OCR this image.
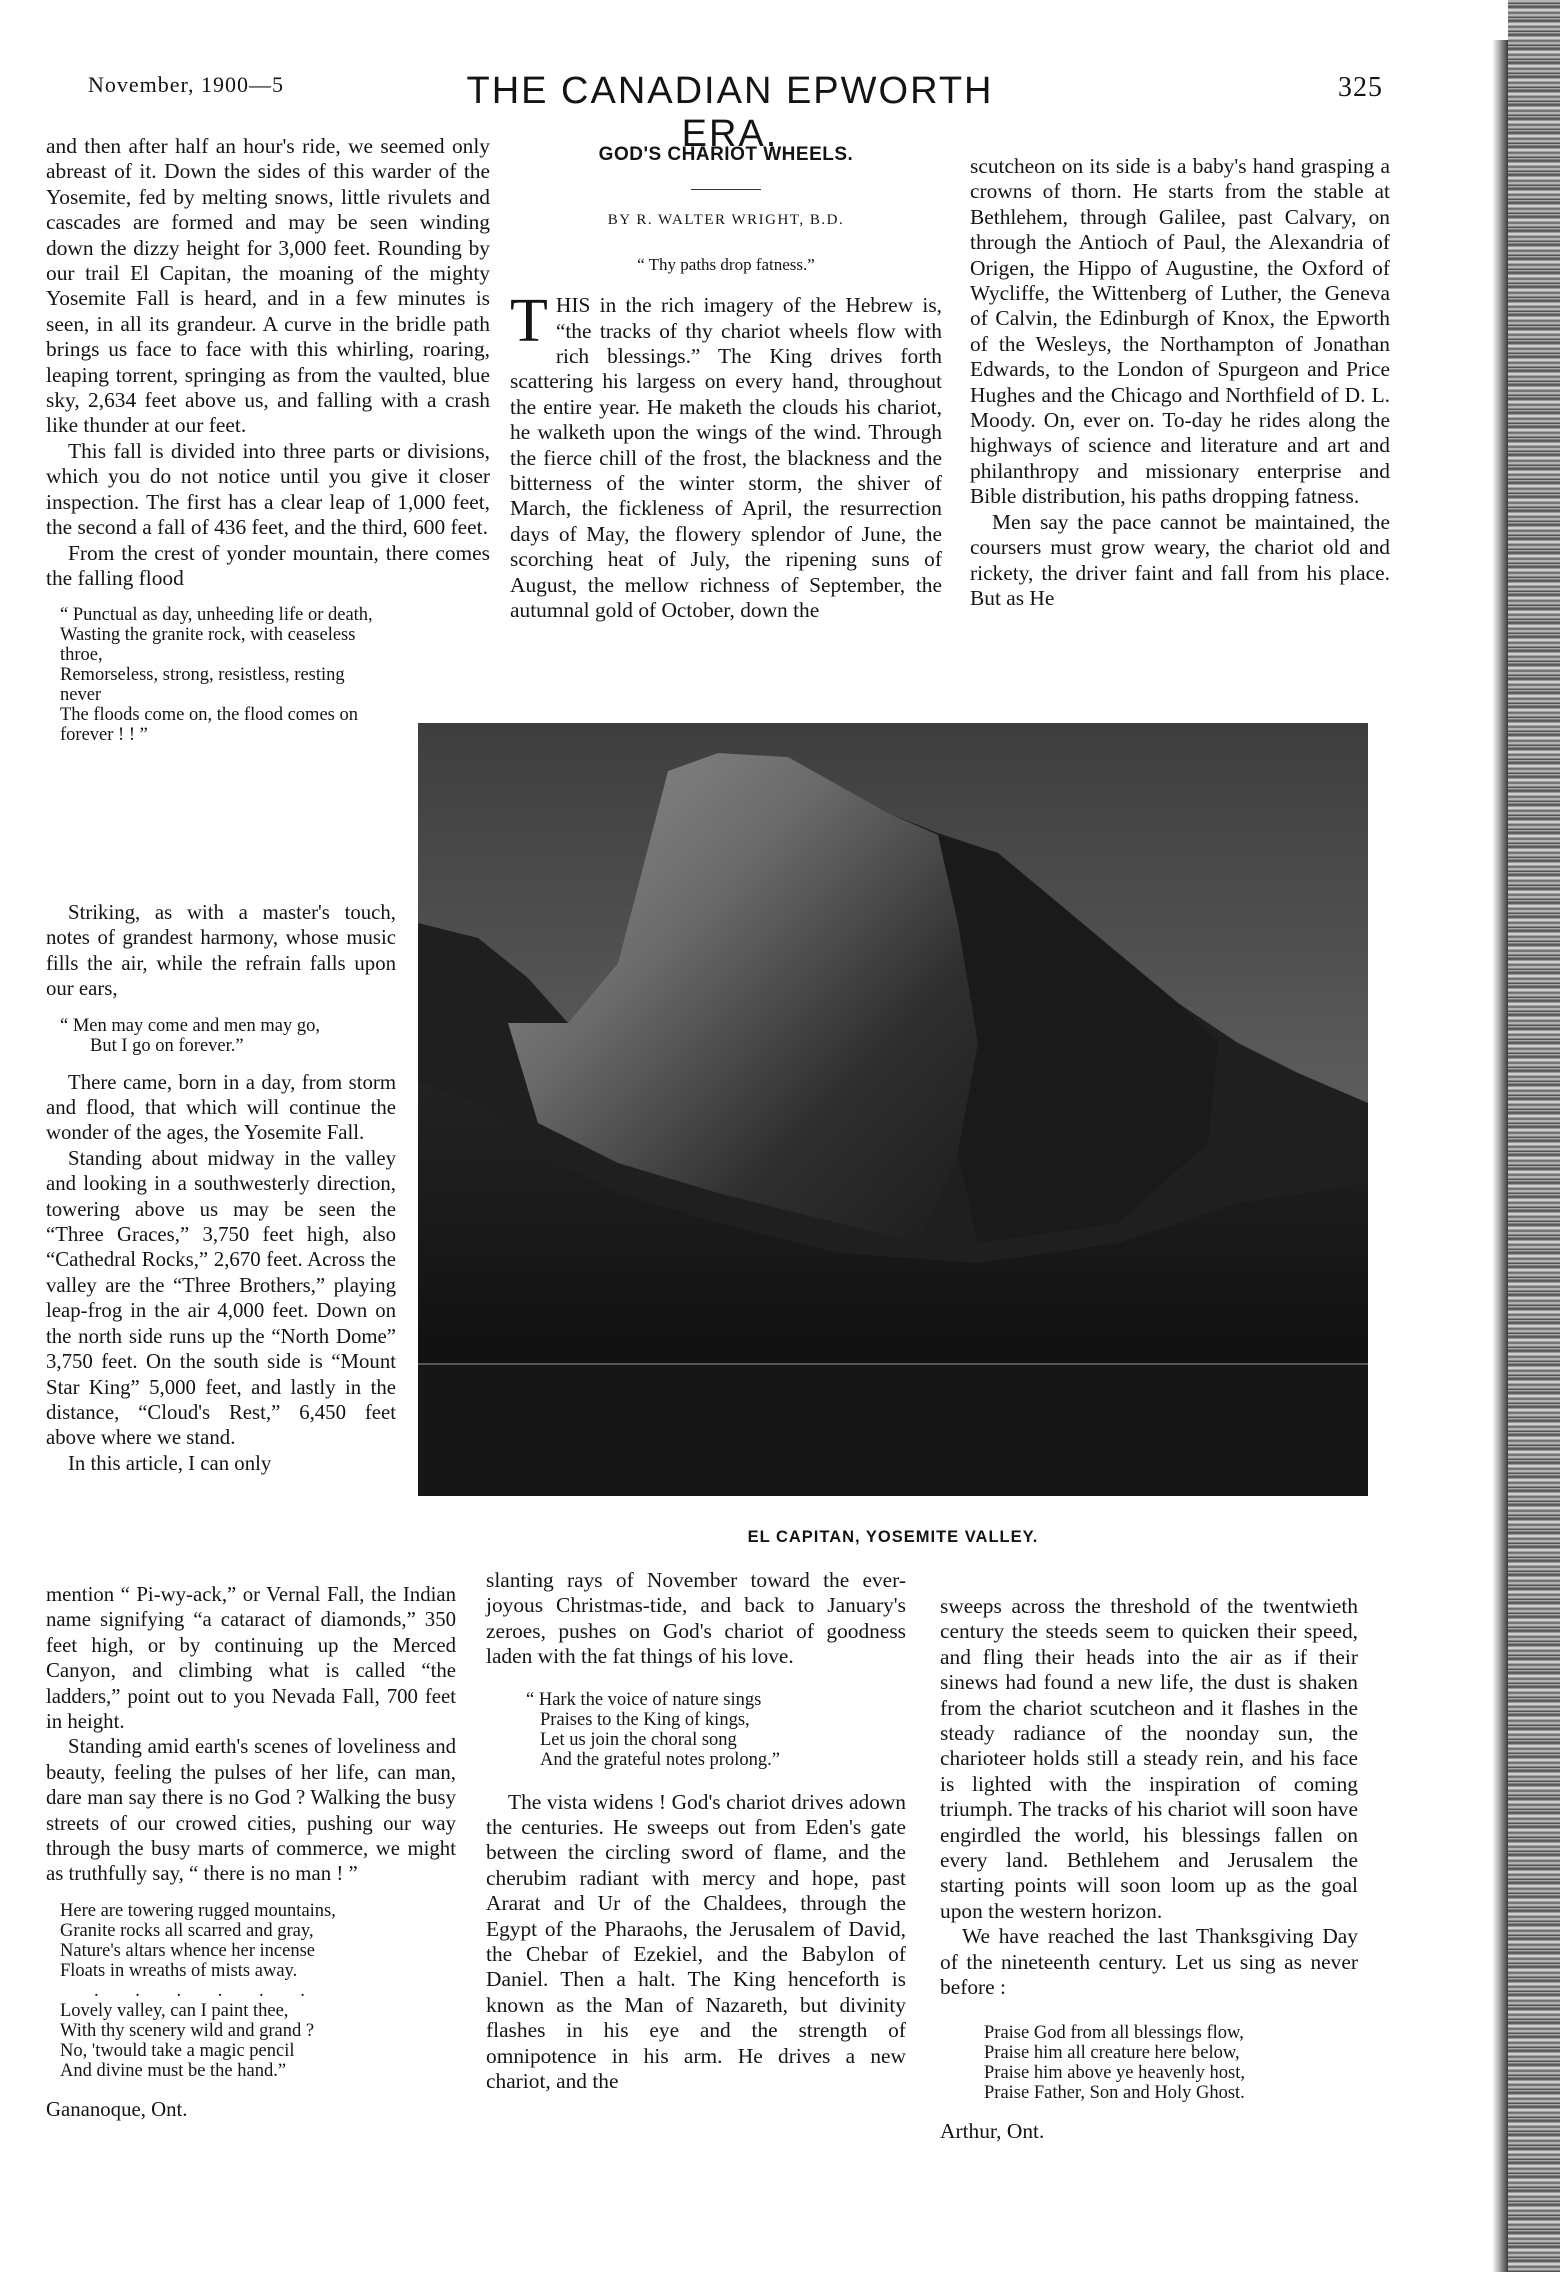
November, 1900—5	THE CANADIAN EPWORTH ERA.
325

and then after half an hour's ride, we seemed only abreast of it. Down the sides of this warder of the Yosemite, fed by melting snows, little rivulets and cascades are formed and may be seen winding down the dizzy height for 3,000 feet. Rounding by our trail El Capitan, the moaning of the mighty Yosemite Fall is heard, and in a few minutes is seen, in all its grandeur. A curve in the bridle path brings us face to face with this whirling, roaring, leaping torrent, springing as from the vaulted, blue sky, 2,634 feet above us, and falling with a crash like thunder at our feet.

This fall is divided into three parts or divisions, which you do not notice until you give it closer inspection. The first has a clear leap of 1,000 feet, the second a fall of 436 feet, and the third, 600 feet.

From the crest of yonder mountain, there comes the falling flood

“ Punctual as day, unheeding life or death,
Wasting the granite rock, with ceaseless throe,
Remorseless, strong, resistless, resting never
The floods come on, the flood comes on forever ! ! ”

Striking, as with a master's touch, notes of grandest harmony, whose music fills the air, while the refrain falls upon our ears,

“ Men may come and men may go,
But I go on forever.”

There came, born in a day, from storm and flood, that which will continue the wonder of the ages, the Yosemite Fall.

Standing about midway in the valley and looking in a southwesterly direction, towering above us may be seen the “Three Graces,” 3,750 feet high, also “Cathedral Rocks,” 2,670 feet. Across the valley are the “Three Brothers,” playing leap-frog in the air 4,000 feet. Down on the north side runs up the “North Dome” 3,750 feet. On the south side is “Mount Star King” 5,000 feet, and lastly in the distance, “Cloud's Rest,” 6,450 feet above where we stand.

In this article, I can only

mention “ Pi-wy-ack,” or Vernal Fall, the Indian name signifying “a cataract of diamonds,” 350 feet high, or by continuing up the Merced Canyon, and climbing what is called “the ladders,” point out to you Nevada Fall, 700 feet in height.

Standing amid earth's scenes of loveliness and beauty, feeling the pulses of her life, can man, dare man say there is no God ? Walking the busy streets of our crowed cities, pushing our way through the busy marts of commerce, we might as truthfully say, “ there is no man ! ”

Here are towering rugged mountains,
Granite rocks all scarred and gray,
Nature's altars whence her incense
Floats in wreaths of mists away.
. . . . . .
Lovely valley, can I paint thee,
With thy scenery wild and grand ?
No, 'twould take a magic pencil
And divine must be the hand.”

Gananoque, Ont.

GOD'S CHARIOT WHEELS.
BY R. WALTER WRIGHT, B.D.
“ Thy paths drop fatness.”

THIS in the rich imagery of the Hebrew is, “the tracks of thy chariot wheels flow with rich blessings.” The King drives forth scattering his largess on every hand, throughout the entire year. He maketh the clouds his chariot, he walketh upon the wings of the wind. Through the fierce chill of the frost, the blackness and the bitterness of the winter storm, the shiver of March, the fickleness of April, the resurrection days of May, the flowery splendor of June, the scorching heat of July, the ripening suns of August, the mellow richness of September, the autumnal gold of October, down the

scutcheon on its side is a baby's hand grasping a crowns of thorn. He starts from the stable at Bethlehem, through Galilee, past Calvary, on through the Antioch of Paul, the Alexandria of Origen, the Hippo of Augustine, the Oxford of Wycliffe, the Wittenberg of Luther, the Geneva of Calvin, the Edinburgh of Knox, the Epworth of the Wesleys, the Northampton of Jonathan Edwards, to the London of Spurgeon and Price Hughes and the Chicago and Northfield of D. L. Moody. On, ever on. To-day he rides along the highways of science and literature and art and philanthropy and missionary enterprise and Bible distribution, his paths dropping fatness.

Men say the pace cannot be maintained, the coursers must grow weary, the chariot old and rickety, the driver faint and fall from his place. But as He

EL CAPITAN, YOSEMITE VALLEY.

slanting rays of November toward the ever-joyous Christmas-tide, and back to January's zeroes, pushes on God's chariot of goodness laden with the fat things of his love.

“ Hark the voice of nature sings
Praises to the King of kings,
Let us join the choral song
And the grateful notes prolong.”

The vista widens ! God's chariot drives adown the centuries. He sweeps out from Eden's gate between the circling sword of flame, and the cherubim radiant with mercy and hope, past Ararat and Ur of the Chaldees, through the Egypt of the Pharaohs, the Jerusalem of David, the Chebar of Ezekiel, and the Babylon of Daniel. Then a halt. The King henceforth is known as the Man of Nazareth, but divinity flashes in his eye and the strength of omnipotence in his arm. He drives a new chariot, and the

sweeps across the threshold of the twentwieth century the steeds seem to quicken their speed, and fling their heads into the air as if their sinews had found a new life, the dust is shaken from the chariot scutcheon and it flashes in the steady radiance of the noonday sun, the charioteer holds still a steady rein, and his face is lighted with the inspiration of coming triumph. The tracks of his chariot will soon have engirdled the world, his blessings fallen on every land. Bethlehem and Jerusalem the starting points will soon loom up as the goal upon the western horizon.

We have reached the last Thanksgiving Day of the nineteenth century. Let us sing as never before :

Praise God from all blessings flow,
Praise him all creature here below,
Praise him above ye heavenly host,
Praise Father, Son and Holy Ghost.

Arthur, Ont.
